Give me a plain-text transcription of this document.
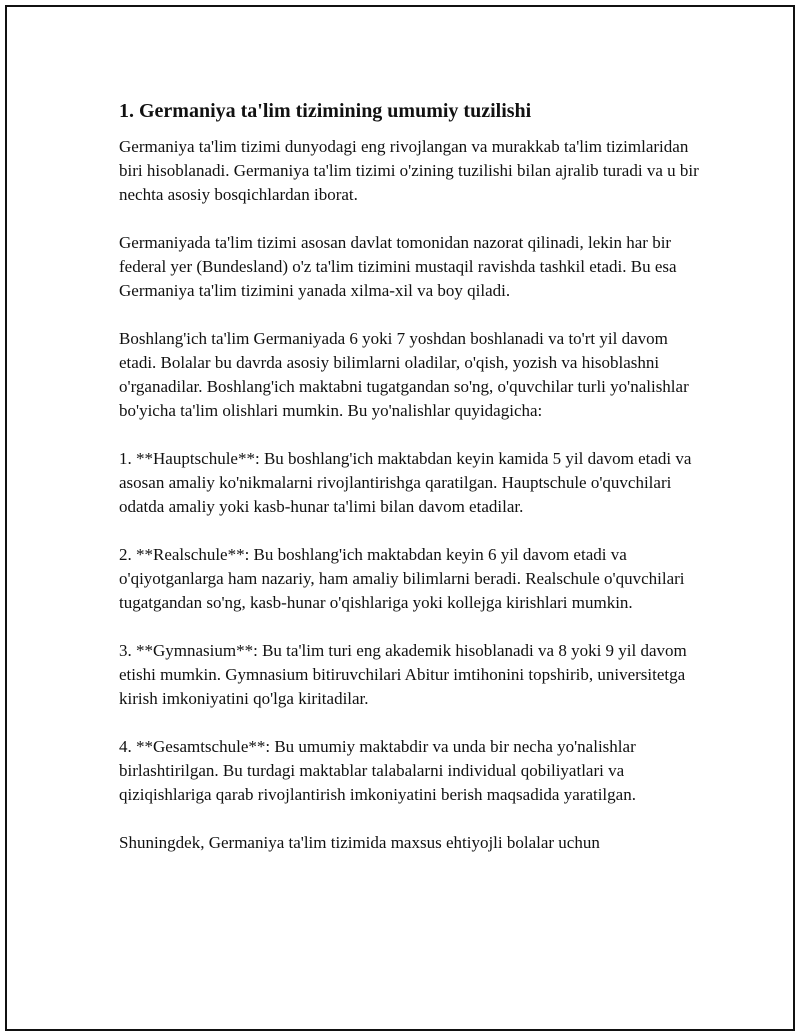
1. Germaniya ta'lim tizimining umumiy tuzilishi

Germaniya ta'lim tizimi dunyodagi eng rivojlangan va murakkab ta'lim tizimlaridan biri hisoblanadi. Germaniya ta'lim tizimi o'zining tuzilishi bilan ajralib turadi va u bir nechta asosiy bosqichlardan iborat.

Germaniyada ta'lim tizimi asosan davlat tomonidan nazorat qilinadi, lekin har bir federal yer (Bundesland) o'z ta'lim tizimini mustaqil ravishda tashkil etadi. Bu esa Germaniya ta'lim tizimini yanada xilma-xil va boy qiladi.

Boshlang'ich ta'lim Germaniyada 6 yoki 7 yoshdan boshlanadi va to'rt yil davom etadi. Bolalar bu davrda asosiy bilimlarni oladilar, o'qish, yozish va hisoblashni o'rganadilar. Boshlang'ich maktabni tugatgandan so'ng, o'quvchilar turli yo'nalishlar bo'yicha ta'lim olishlari mumkin. Bu yo'nalishlar quyidagicha:

1. **Hauptschule**: Bu boshlang'ich maktabdan keyin kamida 5 yil davom etadi va asosan amaliy ko'nikmalarni rivojlantirishga qaratilgan. Hauptschule o'quvchilari odatda amaliy yoki kasb-hunar ta'limi bilan davom etadilar.

2. **Realschule**: Bu boshlang'ich maktabdan keyin 6 yil davom etadi va o'qiyotganlarga ham nazariy, ham amaliy bilimlarni beradi. Realschule o'quvchilari tugatgandan so'ng, kasb-hunar o'qishlariga yoki kollejga kirishlari mumkin.

3. **Gymnasium**: Bu ta'lim turi eng akademik hisoblanadi va 8 yoki 9 yil davom etishi mumkin. Gymnasium bitiruvchilari Abitur imtihonini topshirib, universitetga kirish imkoniyatini qo'lga kiritadilar.

4. **Gesamtschule**: Bu umumiy maktabdir va unda bir necha yo'nalishlar birlashtirilgan. Bu turdagi maktablar talabalarni individual qobiliyatlari va qiziqishlariga qarab rivojlantirish imkoniyatini berish maqsadida yaratilgan.

Shuningdek, Germaniya ta'lim tizimida maxsus ehtiyojli bolalar uchun
